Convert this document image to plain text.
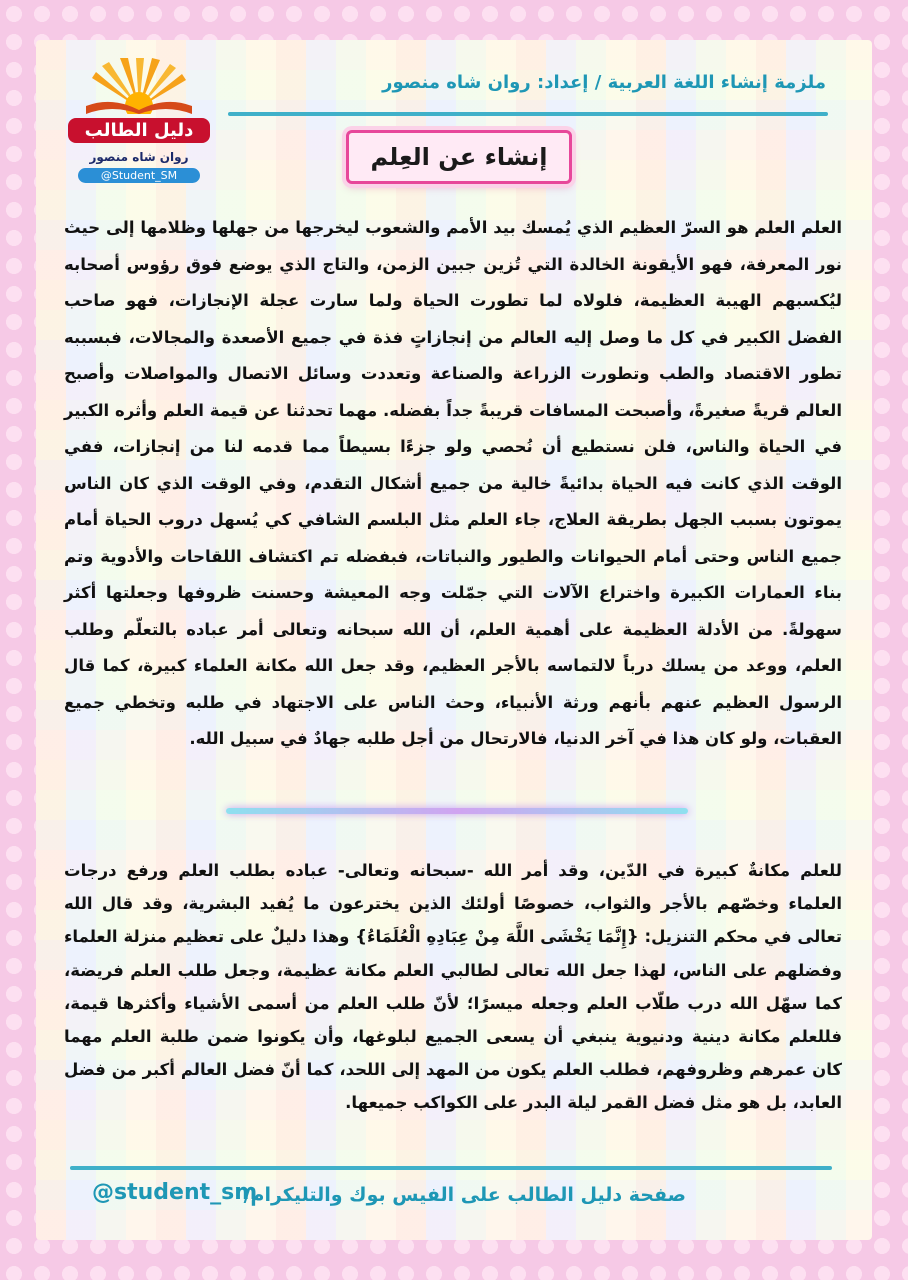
دليل الطالب
روان شاه منصور
@Student_SM
ملزمة إنشاء اللغة العربية / إعداد: روان شاه منصور
إنشاء عن العِلم
العلم العلم هو السرّ العظيم الذي يُمسك بيد الأمم والشعوب ليخرجها من جهلها وظلامها إلى حيث نور المعرفة، فهو الأيقونة الخالدة التي تُزين جبين الزمن، والتاج الذي يوضع فوق رؤوس أصحابه ليُكسبهم الهيبة العظيمة، فلولاه لما تطورت الحياة ولما سارت عجلة الإنجازات، فهو صاحب الفضل الكبير في كل ما وصل إليه العالم من إنجازاتٍ فذة في جميع الأصعدة والمجالات، فبسببه تطور الاقتصاد والطب وتطورت الزراعة والصناعة وتعددت وسائل الاتصال والمواصلات وأصبح العالم قريةً صغيرةً، وأصبحت المسافات قريبةً جداً بفضله. مهما تحدثنا عن قيمة العلم وأثره الكبير في الحياة والناس، فلن نستطيع أن نُحصي ولو جزءًا بسيطاً مما قدمه لنا من إنجازات، ففي الوقت الذي كانت فيه الحياة بدائيةً خالية من جميع أشكال التقدم، وفي الوقت الذي كان الناس يموتون بسبب الجهل بطريقة العلاج، جاء العلم مثل البلسم الشافي كي يُسهل دروب الحياة أمام جميع الناس وحتى أمام الحيوانات والطيور والنباتات، فبفضله تم اكتشاف اللقاحات والأدوية وتم بناء العمارات الكبيرة واختراع الآلات التي جمّلت وجه المعيشة وحسنت ظروفها وجعلتها أكثر سهولةً. من الأدلة العظيمة على أهمية العلم، أن الله سبحانه وتعالى أمر عباده بالتعلّم وطلب العلم، ووعد من يسلك درباً لالتماسه بالأجر العظيم، وقد جعل الله مكانة العلماء كبيرة، كما قال الرسول العظيم عنهم بأنهم ورثة الأنبياء، وحث الناس على الاجتهاد في طلبه وتخطي جميع العقبات، ولو كان هذا في آخر الدنيا، فالارتحال من أجل طلبه جهادٌ في سبيل الله.
للعلم مكانةٌ كبيرة في الدّين، وقد أمر الله -سبحانه وتعالى- عباده بطلب العلم ورفع درجات العلماء وخصّهم بالأجر والثواب، خصوصًا أولئك الذين يخترعون ما يُفيد البشرية، وقد قال الله تعالى في محكم التنزيل: {إِنَّمَا يَخْشَى اللَّهَ مِنْ عِبَادِهِ الْعُلَمَاءُ} وهذا دليلٌ على تعظيم منزلة العلماء وفضلهم على الناس، لهذا جعل الله تعالى لطالبي العلم مكانة عظيمة، وجعل طلب العلم فريضة، كما سهّل الله درب طلّاب العلم وجعله ميسرًا؛ لأنّ طلب العلم من أسمى الأشياء وأكثرها قيمة، فللعلم مكانة دينية ودنيوية ينبغي أن يسعى الجميع لبلوغها، وأن يكونوا ضمن طلبة العلم مهما كان عمرهم وظروفهم، فطلب العلم يكون من المهد إلى اللحد، كما أنّ فضل العالم أكبر من فضل العابد، بل هو مثل فضل القمر ليلة البدر على الكواكب جميعها.
صفحة دليل الطالب على الفيس بوك والتليكرام/
@student_sm
